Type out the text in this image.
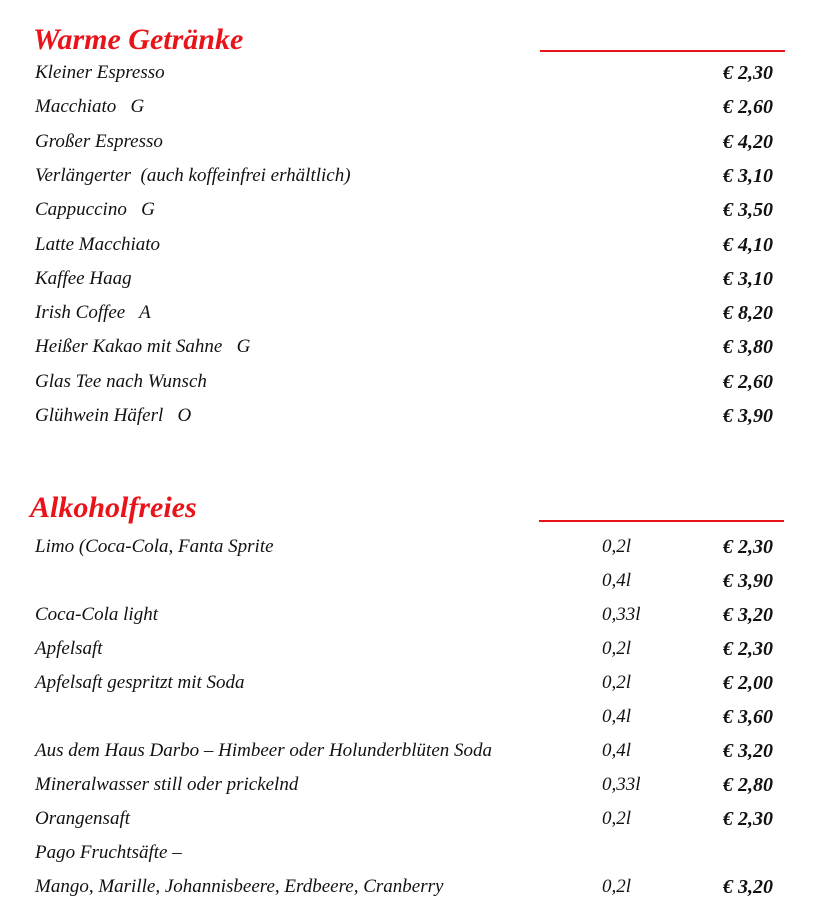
Warme Getränke
Kleiner Espresso	€ 2,30
Macchiato   G	€ 2,60
Großer Espresso	€ 4,20
Verlängerter  (auch koffeinfrei erhältlich)	€ 3,10
Cappuccino   G	€ 3,50
Latte Macchiato	€ 4,10
Kaffee Haag	€ 3,10
Irish Coffee   A	€ 8,20
Heißer Kakao mit Sahne   G	€ 3,80
Glas Tee nach Wunsch	€ 2,60
Glühwein Häferl   O	€ 3,90
Alkoholfreies
Limo (Coca-Cola, Fanta Sprite	0,2l	€ 2,30
0,4l	€ 3,90
Coca-Cola light	0,33l	€ 3,20
Apfelsaft	0,2l	€ 2,30
Apfelsaft gespritzt mit Soda	0,2l	€ 2,00
0,4l	€ 3,60
Aus dem Haus Darbo – Himbeer oder Holunderblüten Soda	0,4l	€ 3,20
Mineralwasser still oder prickelnd	0,33l	€ 2,80
Orangensaft	0,2l	€ 2,30
Pago Fruchtsäfte –
Mango, Marille, Johannisbeere, Erdbeere, Cranberry	0,2l	€ 3,20
